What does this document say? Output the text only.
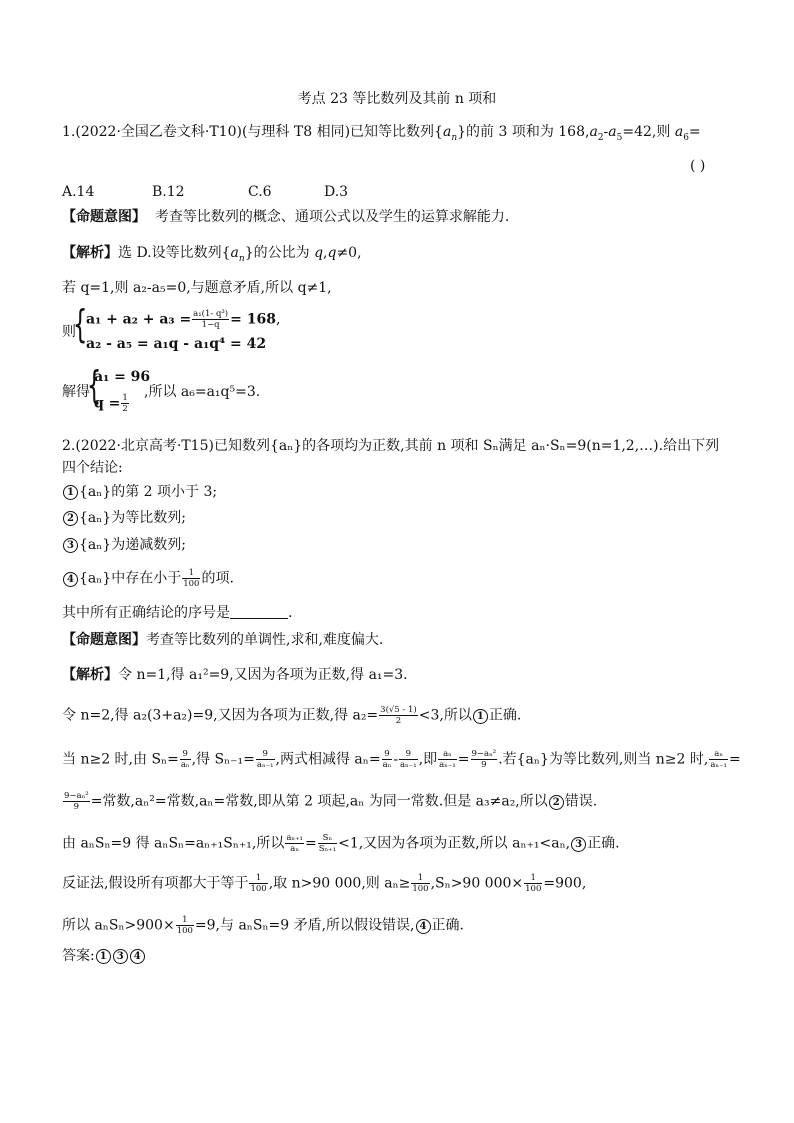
考点 23 等比数列及其前 n 项和
1.(2022·全国乙卷文科·T10)(与理科 T8 相同)已知等比数列$\{a_n\}$的前 3 项和为 $168,a_2-a_5=42$,则 $a_6=$
( )
A.14	B.12	C.6	D.3
【命题意图】 考查等比数列的概念、通项公式以及学生的运算求解能力.
【解析】选 D.设等比数列$\{a_n\}$的公比为 q,q≠0,
若 q=1,则 a₂-a₅=0,与题意矛盾,所以 q≠1,
则
{
$a_1 + a_2 + a_3 = \frac{\text{a₁(1- q³)}}{1-q} = 168$,
a₂ - a₅ = a₁q - a₁q⁴ = 42
解得
{
a₁ = 96
$q = \frac{1}{2}$
,所以 a₆=a₁q⁵=3.
2.(2022·北京高考·T15)已知数列{aₙ}的各项均为正数,其前 n 项和 Sₙ满足 aₙ·Sₙ=9(n=1,2,…).给出下列
四个结论:
1 {aₙ}的第 2 项小于 3;
2 {aₙ}为等比数列;
3 {aₙ}为递减数列;
4 {aₙ}中存在小于 $\frac{1}{100}$ 的项.
其中所有正确结论的序号是	.
【命题意图】考查等比数列的单调性,求和,难度偏大.
【解析】令 n=1,得 a₁²=9,又因为各项为正数,得 a₁=3.
令 n=2,得 a₂(3+a₂)=9,又因为各项为正数,得 $a_2= \frac{3(√5 - 1)}{2} <3$,所以 1 正确.
当 n≥2 时,由 $S_n= \frac{9}{\text{aₙ}}$ ,得 $S_{n-1}= \frac{9}{\text{aₙ₋₁}}$ ,两式相减得 $a_n= \frac{9}{\text{aₙ}} - \frac{9}{\text{aₙ₋₁}}$ ,即 $\frac{\text{aₙ}}{\text{aₙ₋₁}} = \frac{\text{9−aₙ²}}{9}$ .若{aₙ}为等比数列,则当 n≥2 时, $\frac{\text{aₙ}}{\text{aₙ₋₁}}$ =
$\frac{\text{9−aₙ²}}{9}$ =常数,aₙ²=常数,aₙ=常数,即从第 2 项起,aₙ 为同一常数.但是 a₃≠a₂,所以 2 错误.
由 aₙSₙ=9 得 aₙSₙ=aₙ₊₁Sₙ₊₁,所以 $\frac{\text{aₙ₊₁}}{\text{aₙ}} = \frac{\text{Sₙ}}{\text{Sₙ₊₁}} <1$,又因为各项为正数,所以 aₙ₊₁<aₙ, 3 正确.
反证法,假设所有项都大于等于 $\frac{1}{100}$ ,取 n>90 000,则 $a_n\ge \frac{1}{100} ,S_n>90$ $000\times \frac{1}{100} =900$,
所以 $a_nS_n>900\times \frac{1}{100} =9$,与 aₙSₙ=9 矛盾,所以假设错误, 4 正确.
答案: 1 3 4
